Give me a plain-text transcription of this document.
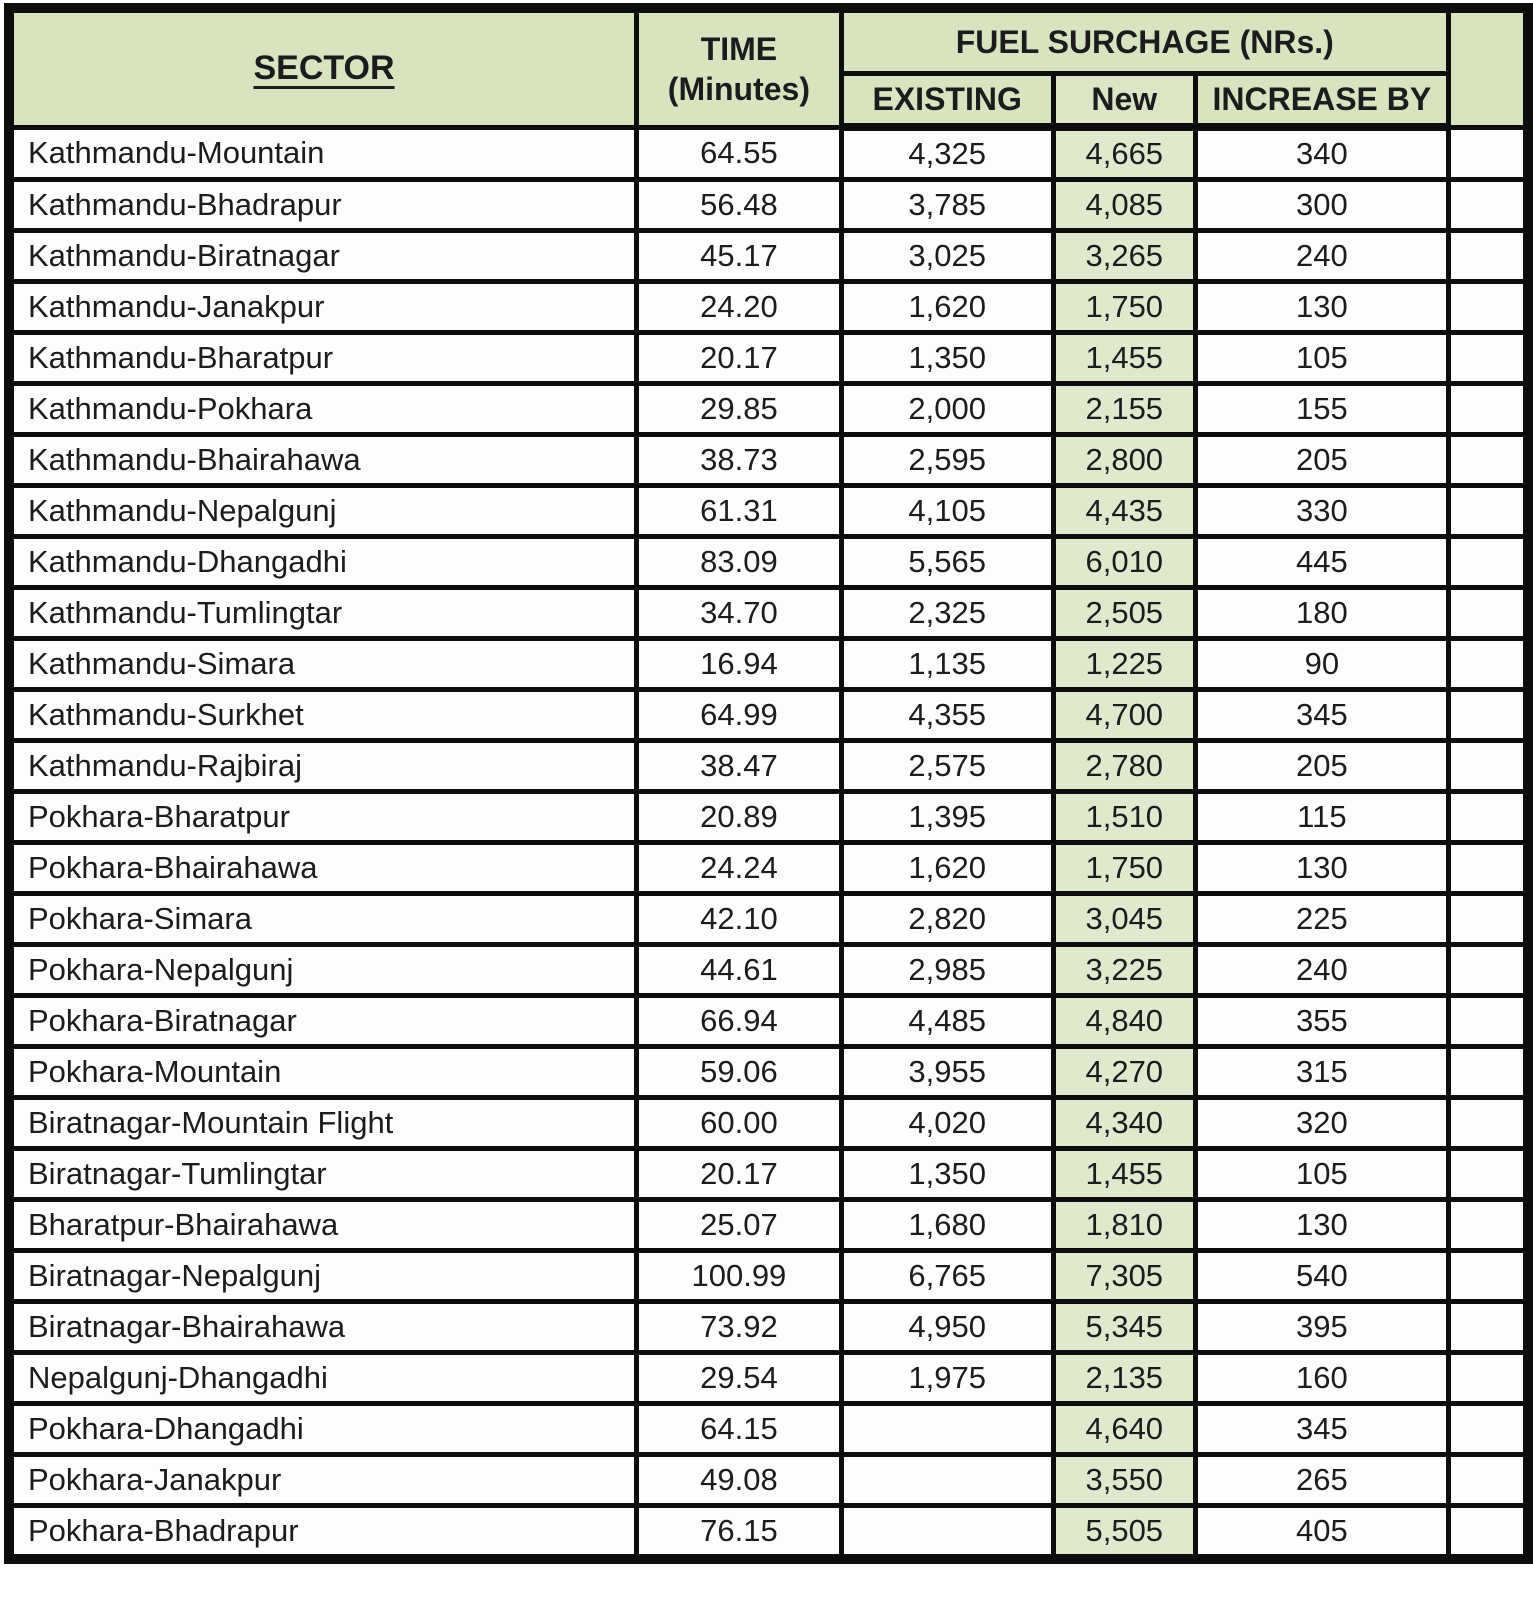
SECTOR	TIME
(Minutes)	FUEL SURCHAGE (NRs.)			
		EXISTING	New	INCREASE BY	
Kathmandu-Mountain	64.55	4,325	4,665	340	
Kathmandu-Bhadrapur	56.48	3,785	4,085	300	
Kathmandu-Biratnagar	45.17	3,025	3,265	240	
Kathmandu-Janakpur	24.20	1,620	1,750	130	
Kathmandu-Bharatpur	20.17	1,350	1,455	105	
Kathmandu-Pokhara	29.85	2,000	2,155	155	
Kathmandu-Bhairahawa	38.73	2,595	2,800	205	
Kathmandu-Nepalgunj	61.31	4,105	4,435	330	
Kathmandu-Dhangadhi	83.09	5,565	6,010	445	
Kathmandu-Tumlingtar	34.70	2,325	2,505	180	
Kathmandu-Simara	16.94	1,135	1,225	90	
Kathmandu-Surkhet	64.99	4,355	4,700	345	
Kathmandu-Rajbiraj	38.47	2,575	2,780	205	
Pokhara-Bharatpur	20.89	1,395	1,510	115	
Pokhara-Bhairahawa	24.24	1,620	1,750	130	
Pokhara-Simara	42.10	2,820	3,045	225	
Pokhara-Nepalgunj	44.61	2,985	3,225	240	
Pokhara-Biratnagar	66.94	4,485	4,840	355	
Pokhara-Mountain	59.06	3,955	4,270	315	
Biratnagar-Mountain Flight	60.00	4,020	4,340	320	
Biratnagar-Tumlingtar	20.17	1,350	1,455	105	
Bharatpur-Bhairahawa	25.07	1,680	1,810	130	
Biratnagar-Nepalgunj	100.99	6,765	7,305	540	
Biratnagar-Bhairahawa	73.92	4,950	5,345	395	
Nepalgunj-Dhangadhi	29.54	1,975	2,135	160	
Pokhara-Dhangadhi	64.15		4,640	345	
Pokhara-Janakpur	49.08		3,550	265	
Pokhara-Bhadrapur	76.15		5,505	405	
